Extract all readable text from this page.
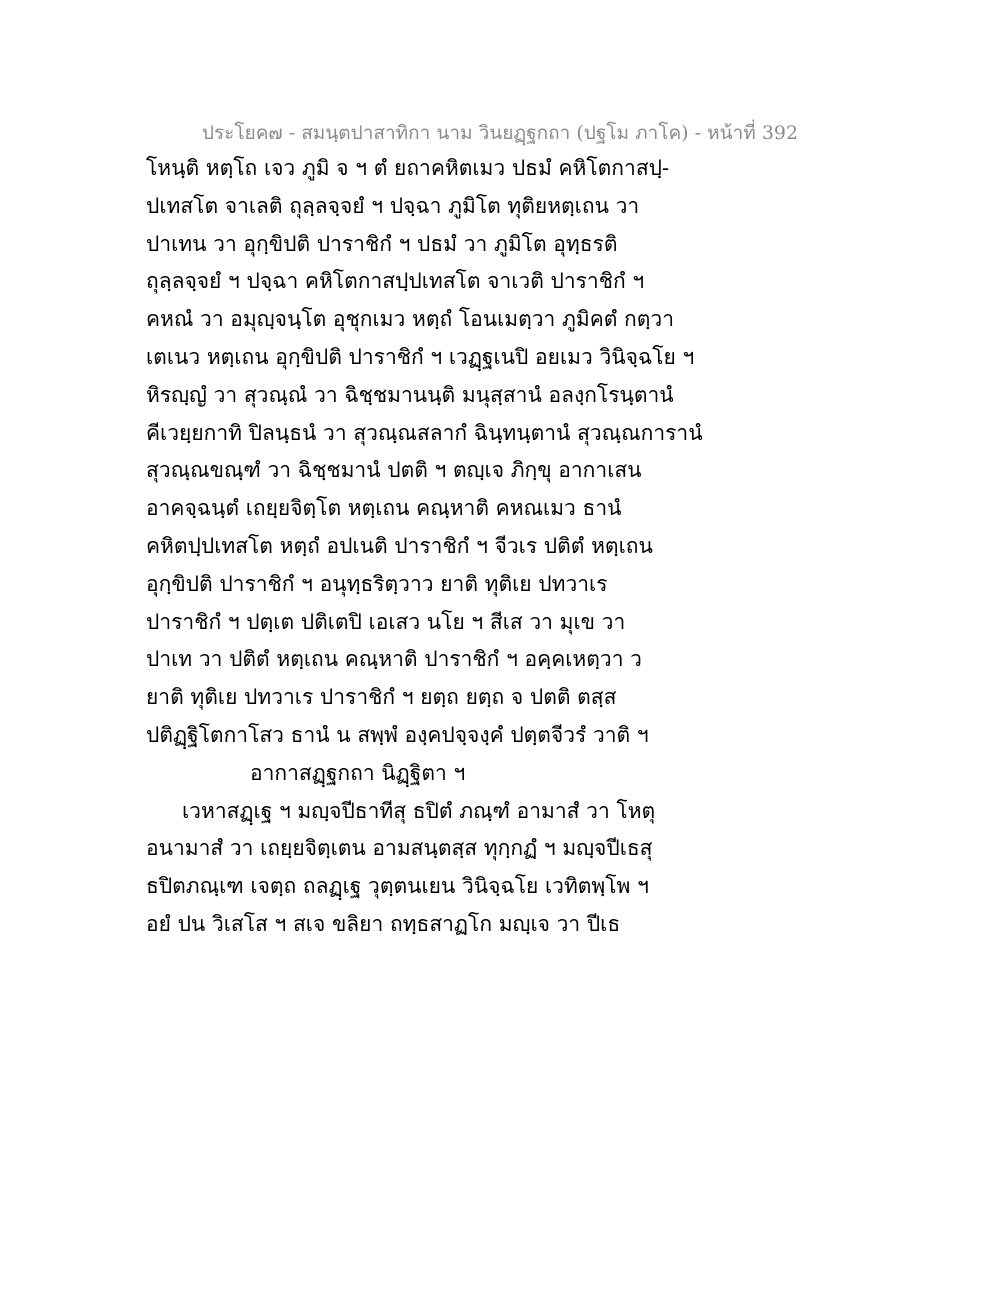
ประโยค๗ - สมนฺตปาสาทิกา นาม วินยฏฺฐกถา (ปฐโม ภาโค) - หน้าที่ 392
โหนฺติ หตฺโถ เจว ภูมิ จ ฯ ตํ ยถาคหิตเมว ปธมํ คหิโตกาสปฺ-
ปเทสโต จาเลติ ถุลฺลจฺจยํ ฯ ปจฺฉา ภูมิโต ทุติยหตฺเถน วา
ปาเทน วา อุกฺขิปติ ปาราชิกํ ฯ ปธมํ วา ภูมิโต อุทฺธรติ
ถุลฺลจฺจยํ ฯ ปจฺฉา คหิโตกาสปฺปเทสโต จาเวติ ปาราชิกํ ฯ
คหณํ วา อมุญฺจนฺโต อุชุกเมว หตฺถํ โอนเมตฺวา ภูมิคตํ กตฺวา
เตเนว หตฺเถน อุกฺขิปติ ปาราชิกํ ฯ เวฏฺฐเนปิ อยเมว วินิจฺฉโย ฯ
หิรญฺญํ วา สุวณฺณํ วา ฉิชฺชมานนฺติ มนุสฺสานํ อลงฺกโรนฺตานํ
คีเวยฺยกาทิ ปิลนฺธนํ วา สุวณฺณสลากํ ฉินฺทนฺตานํ สุวณฺณการานํ
สุวณฺณขณฺฑํ วา ฉิชฺชมานํ ปตติ ฯ ตญฺเจ ภิกฺขุ อากาเสน
อาคจฺฉนฺตํ เถยฺยจิตฺโต หตฺเถน คณฺหาติ คหณเมว ธานํ
คหิตปฺปเทสโต หตฺถํ อปเนติ ปาราชิกํ ฯ จีวเร ปติตํ หตฺเถน
อุกฺขิปติ ปาราชิกํ ฯ อนุทฺธริตฺวาว ยาติ ทุติเย ปทวาเร
ปาราชิกํ ฯ ปตฺเต ปติเตปิ เอเสว นโย ฯ สีเส วา มุเข วา
ปาเท วา ปติตํ หตฺเถน คณฺหาติ ปาราชิกํ ฯ อคฺคเหตฺวา ว
ยาติ ทุติเย ปทวาเร ปาราชิกํ ฯ ยตฺถ ยตฺถ จ ปตติ ตสฺส
ปติฏฺฐิโตกาโสว ธานํ น สพฺพํ องฺคปจฺจงฺคํ ปตฺตจีวรํ วาติ ฯ
อากาสฏฺฐกถา นิฏฺฐิตา ฯ
เวหาสฏฺเฐ ฯ มญฺจปีธาทีสุ ธปิตํ ภณฺฑํ อามาสํ วา โหตุ
อนามาสํ วา เถยฺยจิตฺเตน อามสนฺตสฺส ทุกฺกฏํ ฯ มญฺจปีเธสุ
ธปิตภณฺเฑ เจตฺถ ถลฏฺเฐ วุตฺตนเยน วินิจฺฉโย เวทิตพฺโพ ฯ
อยํ ปน วิเสโส ฯ สเจ ขลิยา ถทฺธสาฏโก มญฺเจ วา ปีเธ
